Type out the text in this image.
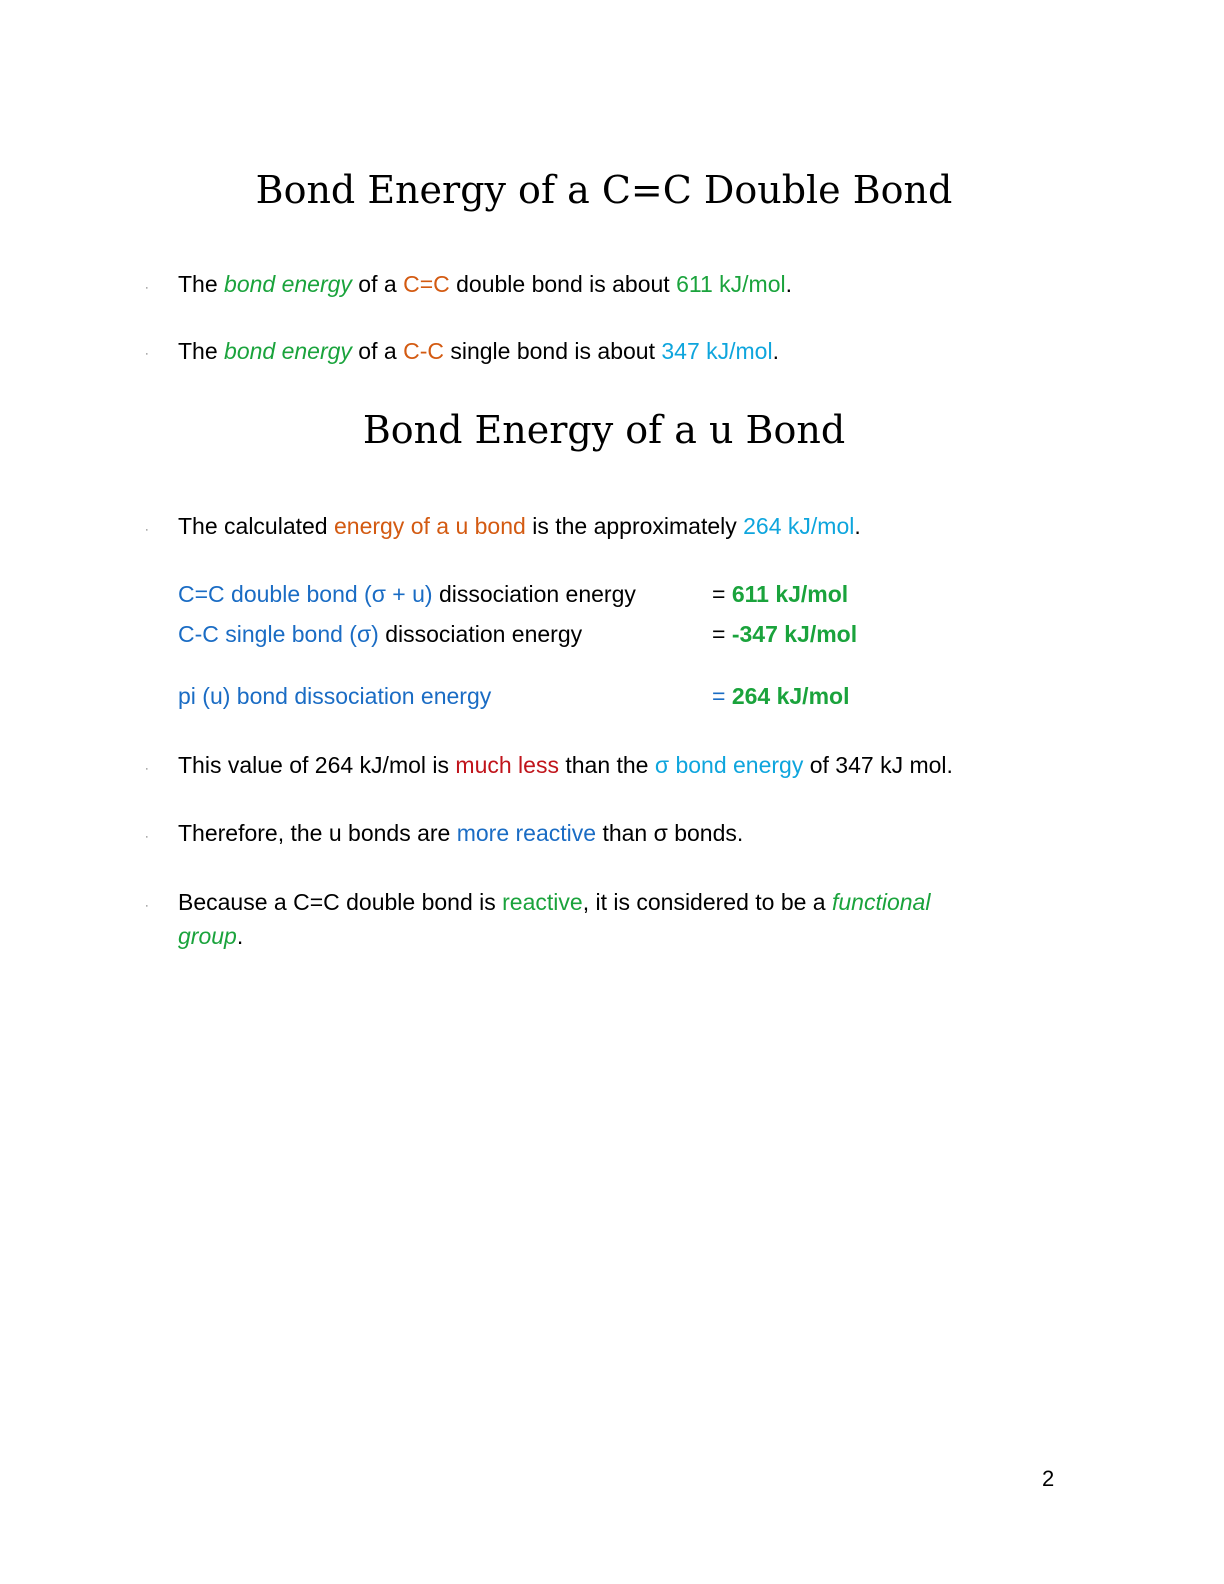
Bond Energy of a C=C Double Bond
Bond Energy of a u Bond
· The bond energy of a C=C double bond is about 611 kJ/mol.
· The bond energy of a C-C single bond is about 347 kJ/mol.
· The calculated energy of a u bond is the approximately 264 kJ/mol.
C=C double bond (σ + u) dissociation energy	= 611 kJ/mol
C-C single bond (σ) dissociation energy	= -347 kJ/mol
pi (u) bond dissociation energy	= 264 kJ/mol
· This value of 264 kJ/mol is much less than the σ bond energy of 347 kJ mol.
· Therefore, the u bonds are more reactive than σ bonds.
· Because a C=C double bond is reactive, it is considered to be a functional
group.
2
